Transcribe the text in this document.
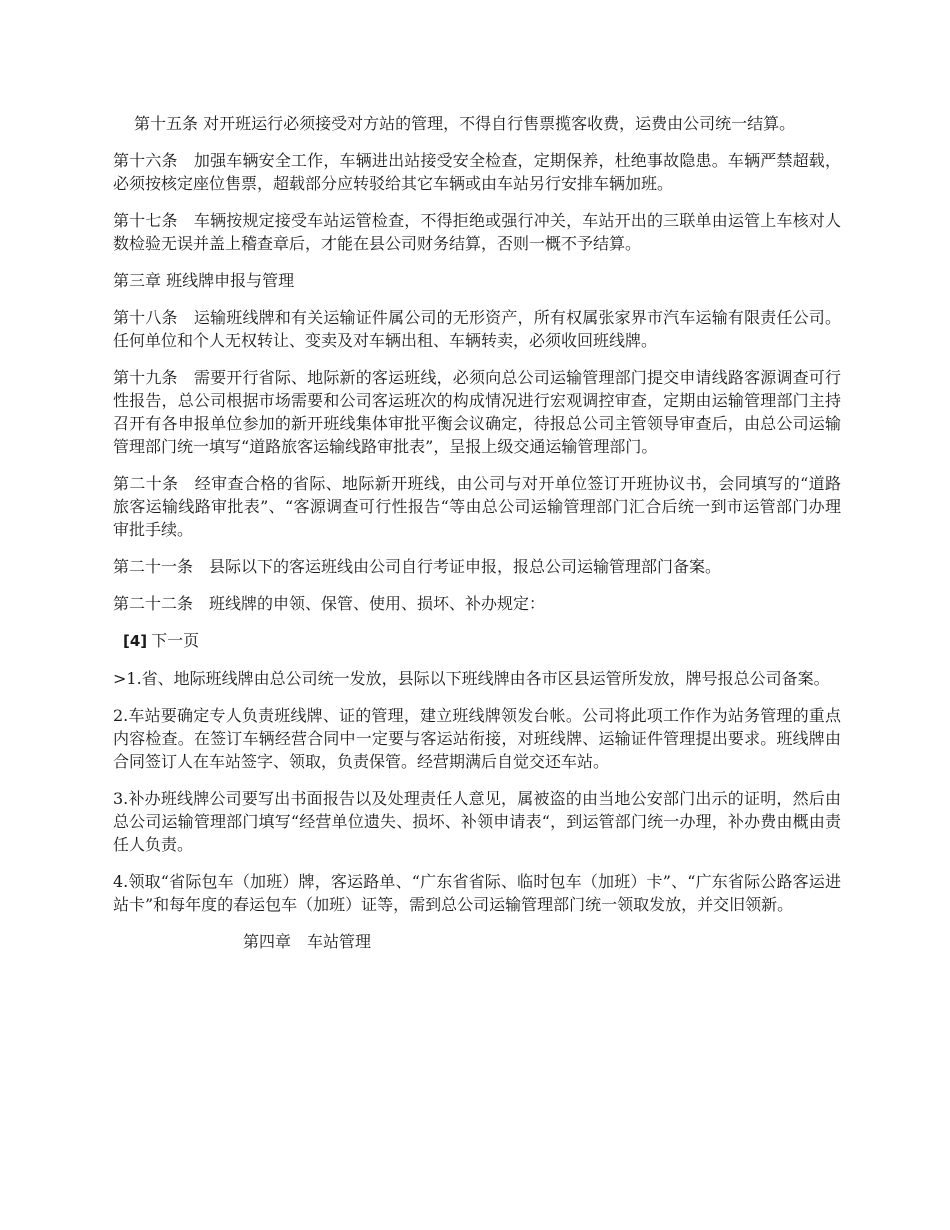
第十五条 对开班运行必须接受对方站的管理，不得自行售票揽客收费，运费由公司统一结算。

第十六条　加强车辆安全工作，车辆进出站接受安全检查，定期保养，杜绝事故隐患。车辆严禁超载，必须按核定座位售票，超载部分应转驳给其它车辆或由车站另行安排车辆加班。

第十七条　车辆按规定接受车站运管检查，不得拒绝或强行冲关，车站开出的三联单由运管上车核对人数检验无误并盖上稽查章后，才能在县公司财务结算，否则一概不予结算。

第三章 班线牌申报与管理

第十八条　运输班线牌和有关运输证件属公司的无形资产，所有权属张家界市汽车运输有限责任公司。任何单位和个人无权转让、变卖及对车辆出租、车辆转卖，必须收回班线牌。

第十九条　需要开行省际、地际新的客运班线，必须向总公司运输管理部门提交申请线路客源调查可行性报告，总公司根据市场需要和公司客运班次的构成情况进行宏观调控审查，定期由运输管理部门主持召开有各申报单位参加的新开班线集体审批平衡会议确定，待报总公司主管领导审查后，由总公司运输管理部门统一填写“道路旅客运输线路审批表”，呈报上级交通运输管理部门。

第二十条　经审查合格的省际、地际新开班线，由公司与对开单位签订开班协议书，会同填写的“道路旅客运输线路审批表”、“客源调查可行性报告“等由总公司运输管理部门汇合后统一到市运管部门办理审批手续。

第二十一条　县际以下的客运班线由公司自行考证申报，报总公司运输管理部门备案。

第二十二条　班线牌的申领、保管、使用、损坏、补办规定：

[4] 下一页

>1.省、地际班线牌由总公司统一发放，县际以下班线牌由各市区县运管所发放，牌号报总公司备案。

2.车站要确定专人负责班线牌、证的管理，建立班线牌领发台帐。公司将此项工作作为站务管理的重点内容检查。在签订车辆经营合同中一定要与客运站衔接，对班线牌、运输证件管理提出要求。班线牌由合同签订人在车站签字、领取，负责保管。经营期满后自觉交还车站。

3.补办班线牌公司要写出书面报告以及处理责任人意见，属被盗的由当地公安部门出示的证明，然后由总公司运输管理部门填写“经营单位遗失、损坏、补领申请表“，到运管部门统一办理，补办费由概由责任人负责。

4.领取“省际包车（加班）牌，客运路单、“广东省省际、临时包车（加班）卡”、“广东省际公路客运进站卡”和每年度的春运包车（加班）证等，需到总公司运输管理部门统一领取发放，并交旧领新。

第四章　车站管理
